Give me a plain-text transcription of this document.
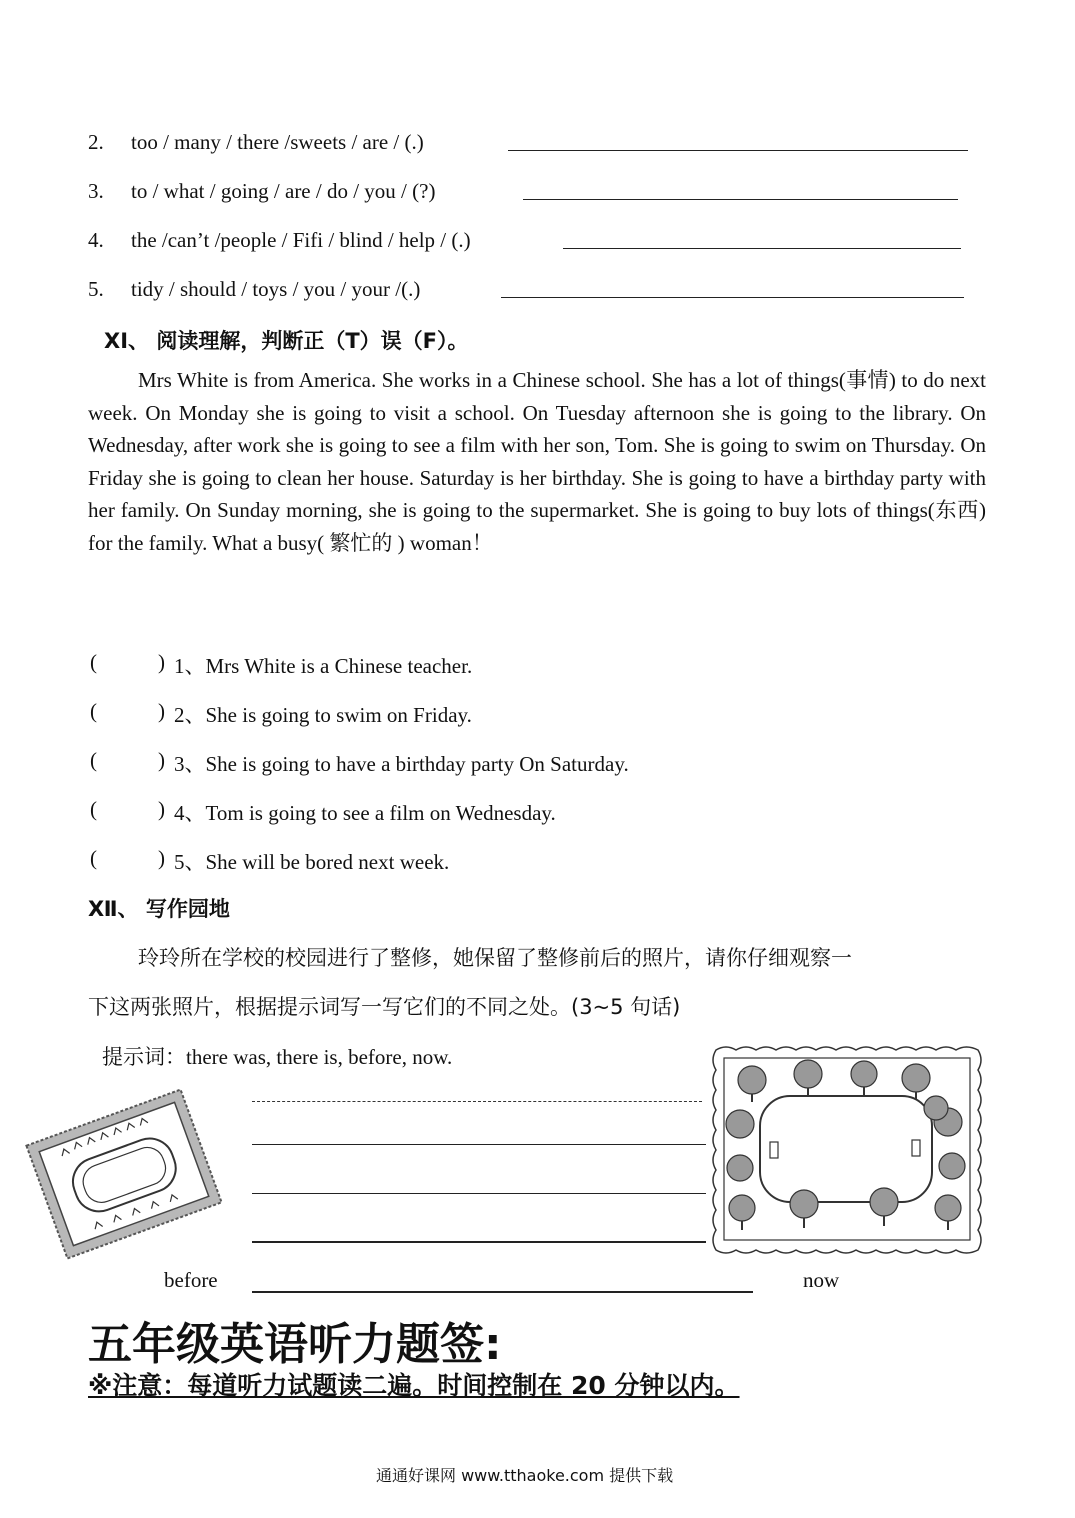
2. too / many / there /sweets / are / (.)
3. to / what / going / are / do / you / (?)
4. the /can’t /people / Fifi / blind / help / (.)
5. tidy / should / toys / you / your /(.)
XI、 阅读理解，判断正（T）误（F）。

Mrs White is from America. She works in a Chinese school. She has a lot of things(事情) to do next week. On Monday she is going to visit a school. On Tuesday afternoon she is going to the library. On Wednesday, after work she is going to see a film with her son, Tom. She is going to swim on Thursday. On Friday she is going to clean her house. Saturday is her birthday. She is going to have a birthday party with her family. On Sunday morning, she is going to the supermarket. She is going to buy lots of things(东西) for the family. What a busy( 繁忙的 ) woman！

(	) 1、Mrs White is a Chinese teacher.
(	) 2、She is going to swim on Friday.
(	) 3、She is going to have a birthday party On Saturday.
(	) 4、Tom is going to see a film on Wednesday.
(	) 5、She will be bored next week.
Ⅻ、 写作园地
玲玲所在学校的校园进行了整修，她保留了整修前后的照片，请你仔细观察一
下这两张照片，根据提示词写一写它们的不同之处。(3~5 句话)
提示词：there was, there is, before, now.
before	now
五年级英语听力题签:
※注意：每道听力试题读二遍。时间控制在 20 分钟以内。
通通好课网 www.tthaoke.com 提供下载
